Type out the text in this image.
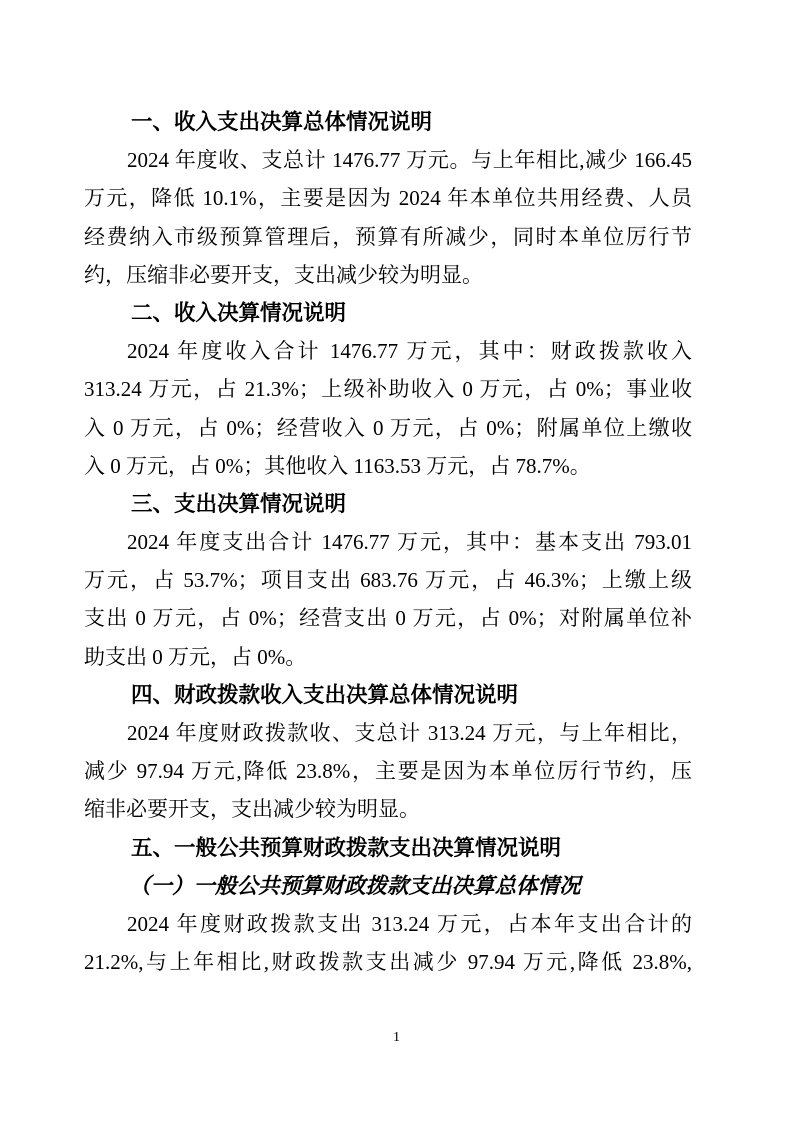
一、收入支出决算总体情况说明
2024 年度收、支总计 1476.77 万元。与上年相比,减少 166.45
万元，降低 10.1%，主要是因为 2024 年本单位共用经费、人员
经费纳入市级预算管理后，预算有所减少，同时本单位厉行节
约，压缩非必要开支，支出减少较为明显。
二、收入决算情况说明
2024 年度收入合计 1476.77 万元，其中：财政拨款收入
313.24 万元，占 21.3%；上级补助收入 0 万元，占 0%；事业收
入 0 万元，占 0%；经营收入 0 万元，占 0%；附属单位上缴收
入 0 万元，占 0%；其他收入 1163.53 万元，占 78.7%。
三、支出决算情况说明
2024 年度支出合计 1476.77 万元，其中：基本支出 793.01
万元，占 53.7%；项目支出 683.76 万元，占 46.3%；上缴上级
支出 0 万元，占 0%；经营支出 0 万元，占 0%；对附属单位补
助支出 0 万元，占 0%。
四、财政拨款收入支出决算总体情况说明
2024 年度财政拨款收、支总计 313.24 万元，与上年相比，
减少 97.94 万元,降低 23.8%，主要是因为本单位厉行节约，压
缩非必要开支，支出减少较为明显。
五、一般公共预算财政拨款支出决算情况说明
（一）一般公共预算财政拨款支出决算总体情况
2024 年度财政拨款支出 313.24 万元，占本年支出合计的
21.2%,与上年相比,财政拨款支出减少 97.94 万元,降低 23.8%,
1
